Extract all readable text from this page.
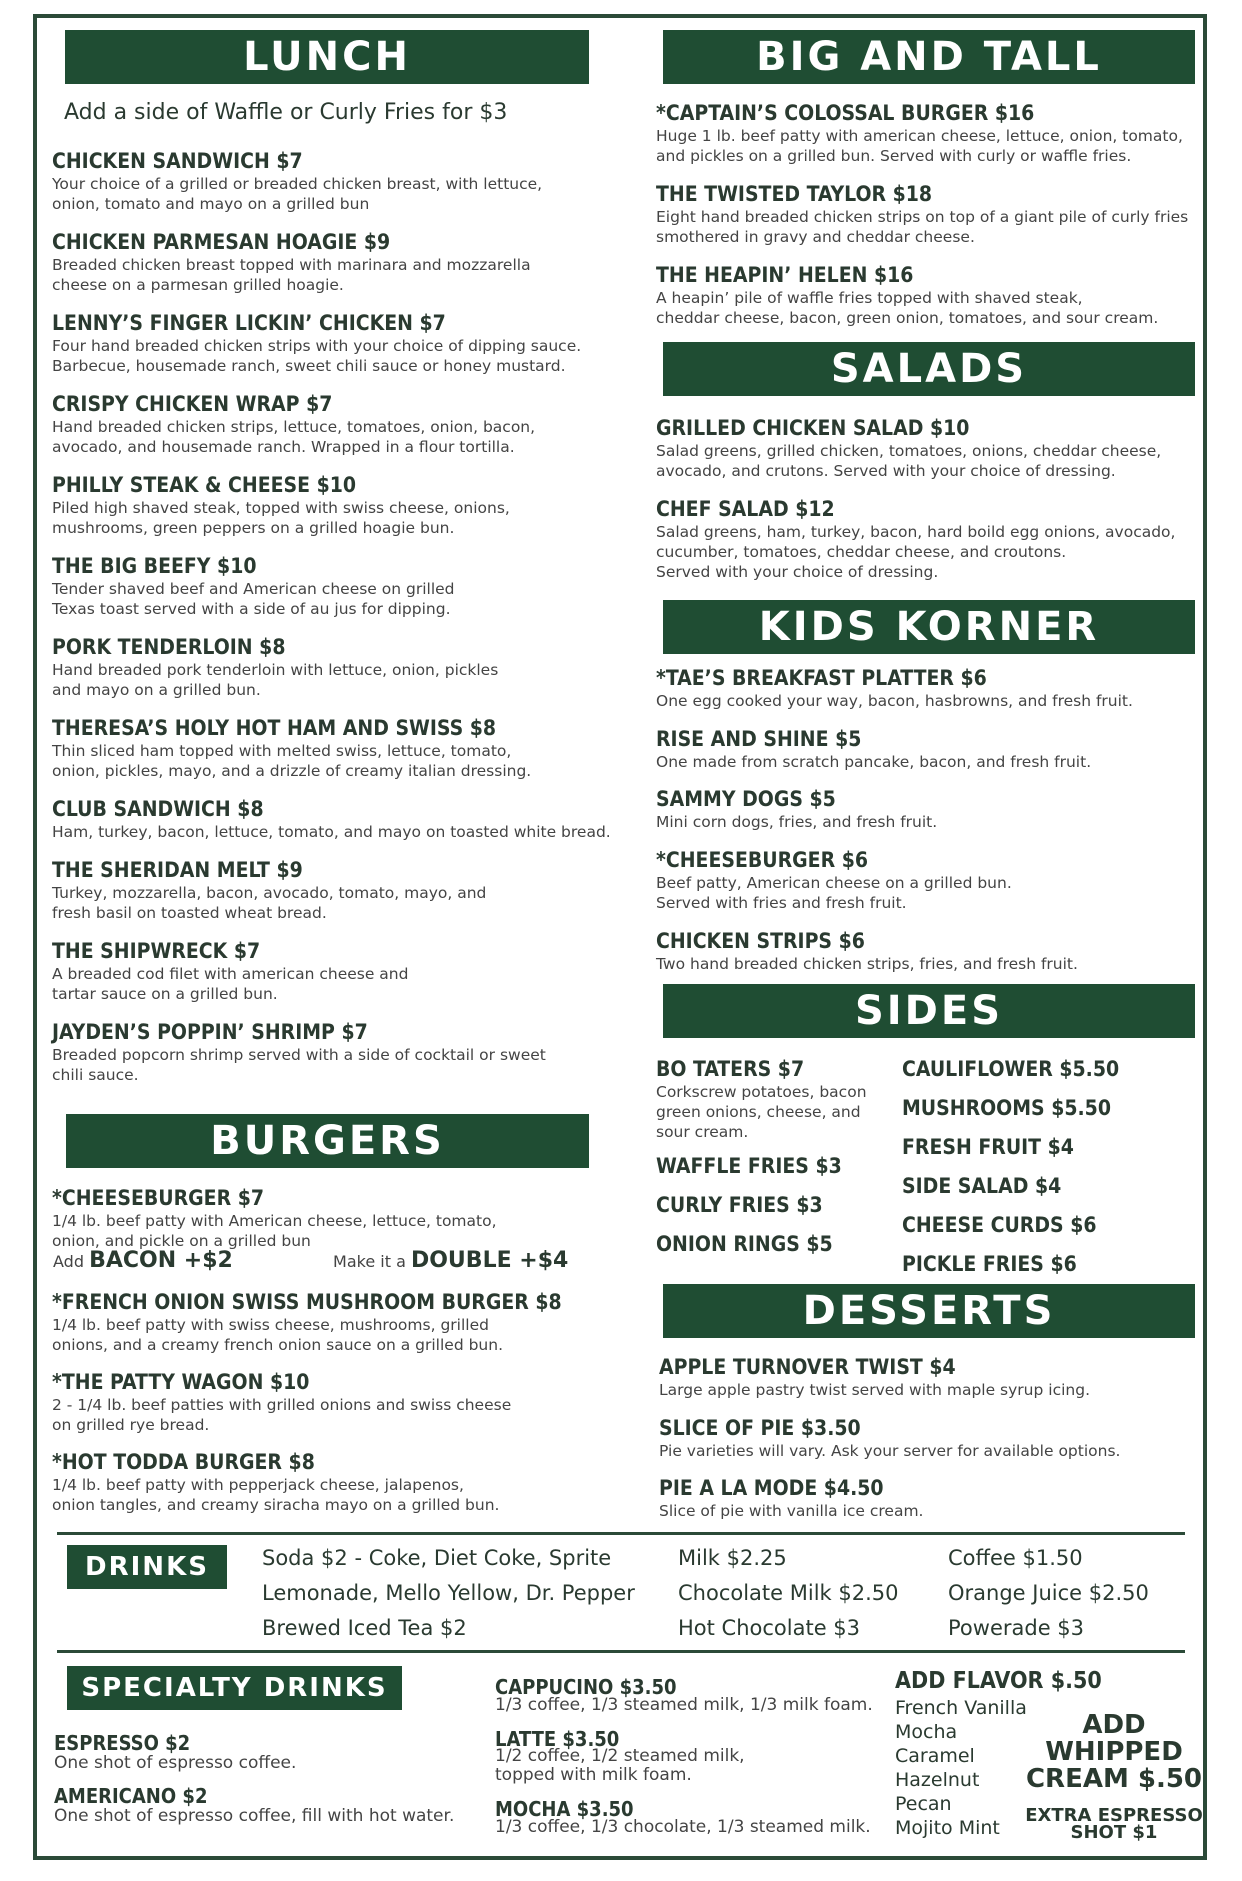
LUNCH
Add a side of Waffle or Curly Fries for $3
CHICKEN SANDWICH $7
Your choice of a grilled or breaded chicken breast, with lettuce,
onion, tomato and mayo on a grilled bun
CHICKEN PARMESAN HOAGIE $9
Breaded chicken breast topped with marinara and mozzarella
cheese on a parmesan grilled hoagie.
LENNY’S FINGER LICKIN’ CHICKEN $7
Four hand breaded chicken strips with your choice of dipping sauce.
Barbecue, housemade ranch, sweet chili sauce or honey mustard.
CRISPY CHICKEN WRAP $7
Hand breaded chicken strips, lettuce, tomatoes, onion, bacon,
avocado, and housemade ranch. Wrapped in a flour tortilla.
PHILLY STEAK & CHEESE $10
Piled high shaved steak, topped with swiss cheese, onions,
mushrooms, green peppers on a grilled hoagie bun.
THE BIG BEEFY $10
Tender shaved beef and American cheese on grilled
Texas toast served with a side of au jus for dipping.
PORK TENDERLOIN $8
Hand breaded pork tenderloin with lettuce, onion, pickles
and mayo on a grilled bun.
THERESA’S HOLY HOT HAM AND SWISS $8
Thin sliced ham topped with melted swiss, lettuce, tomato,
onion, pickles, mayo, and a drizzle of creamy italian dressing.
CLUB SANDWICH $8
Ham, turkey, bacon, lettuce, tomato, and mayo on toasted white bread.
THE SHERIDAN MELT $9
Turkey, mozzarella, bacon, avocado, tomato, mayo, and
fresh basil on toasted wheat bread.
THE SHIPWRECK $7
A breaded cod filet with american cheese and
tartar sauce on a grilled bun.
JAYDEN’S POPPIN’ SHRIMP $7
Breaded popcorn shrimp served with a side of cocktail or sweet
chili sauce.
BURGERS
*CHEESEBURGER $7
1/4 lb. beef patty with American cheese, lettuce, tomato,
onion, and pickle on a grilled bun
*FRENCH ONION SWISS MUSHROOM BURGER $8
1/4 lb. beef patty with swiss cheese, mushrooms, grilled
onions, and a creamy french onion sauce on a grilled bun.
*THE PATTY WAGON $10
2 - 1/4 lb. beef patties with grilled onions and swiss cheese
on grilled rye bread.
*HOT TODDA BURGER $8
1/4 lb. beef patty with pepperjack cheese, jalapenos,
onion tangles, and creamy siracha mayo on a grilled bun.
Add BACON +$2	Make it a DOUBLE +$4
BIG AND TALL
*CAPTAIN’S COLOSSAL BURGER $16
Huge 1 lb. beef patty with american cheese, lettuce, onion, tomato,
and pickles on a grilled bun. Served with curly or waffle fries.
THE TWISTED TAYLOR $18
Eight hand breaded chicken strips on top of a giant pile of curly fries
smothered in gravy and cheddar cheese.
THE HEAPIN’ HELEN $16
A heapin’ pile of waffle fries topped with shaved steak,
cheddar cheese, bacon, green onion, tomatoes, and sour cream.
SALADS
GRILLED CHICKEN SALAD $10
Salad greens, grilled chicken, tomatoes, onions, cheddar cheese,
avocado, and crutons. Served with your choice of dressing.
CHEF SALAD $12
Salad greens, ham, turkey, bacon, hard boild egg onions, avocado,
cucumber, tomatoes, cheddar cheese, and croutons.
Served with your choice of dressing.
KIDS KORNER
*TAE’S BREAKFAST PLATTER $6
One egg cooked your way, bacon, hasbrowns, and fresh fruit.
RISE AND SHINE $5
One made from scratch pancake, bacon, and fresh fruit.
SAMMY DOGS $5
Mini corn dogs, fries, and fresh fruit.
*CHEESEBURGER $6
Beef patty, American cheese on a grilled bun.
Served with fries and fresh fruit.
CHICKEN STRIPS $6
Two hand breaded chicken strips, fries, and fresh fruit.
SIDES
BO TATERS $7
Corkscrew potatoes, bacon
green onions, cheese, and
sour cream.
WAFFLE FRIES $3
CURLY FRIES $3
ONION RINGS $5
CAULIFLOWER $5.50
MUSHROOMS $5.50
FRESH FRUIT $4
SIDE SALAD $4
CHEESE CURDS $6
PICKLE FRIES $6
DESSERTS
APPLE TURNOVER TWIST $4
Large apple pastry twist served with maple syrup icing.
SLICE OF PIE $3.50
Pie varieties will vary. Ask your server for available options.
PIE A LA MODE $4.50
Slice of pie with vanilla ice cream.
DRINKS	Soda $2 - Coke, Diet Coke, Sprite
Lemonade, Mello Yellow, Dr. Pepper
Brewed Iced Tea $2
Milk $2.25
Chocolate Milk $2.50
Hot Chocolate $3
Coffee $1.50
Orange Juice $2.50
Powerade $3
SPECIALTY DRINKS
ESPRESSO $2
One shot of espresso coffee.
AMERICANO $2
One shot of espresso coffee, fill with hot water.
CAPPUCINO $3.50
1/3 coffee, 1/3 steamed milk, 1/3 milk foam.
LATTE $3.50
1/2 coffee, 1/2 steamed milk,
topped with milk foam.
MOCHA $3.50
1/3 coffee, 1/3 chocolate, 1/3 steamed milk.
ADD FLAVOR $.50
French Vanilla
Mocha
Caramel
Hazelnut
Pecan
Mojito Mint
ADD
WHIPPED
CREAM $.50
EXTRA ESPRESSO
SHOT $1
